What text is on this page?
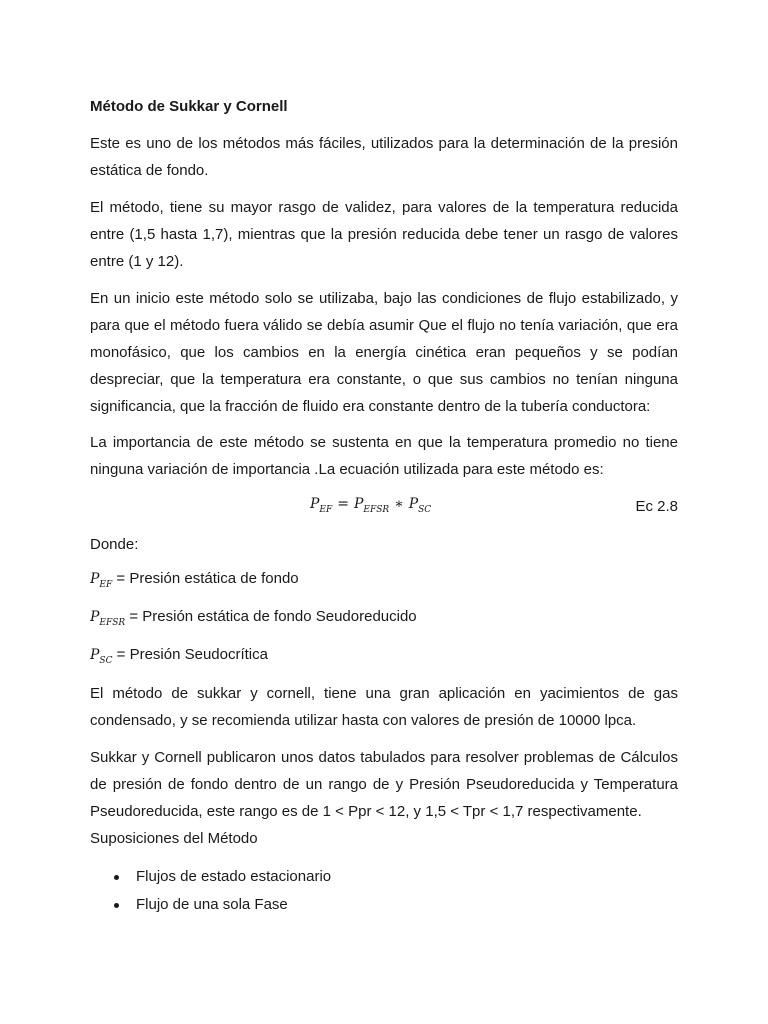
Método de Sukkar y Cornell

Este es uno de los métodos más fáciles, utilizados para la determinación de la presión estática de fondo.

El método, tiene su mayor rasgo de validez, para valores de la temperatura reducida entre (1,5 hasta 1,7), mientras que la presión reducida debe tener un rasgo de valores entre (1 y 12).

En un inicio este método solo se utilizaba, bajo las condiciones de flujo estabilizado, y para que el método fuera válido se debía asumir Que el flujo no tenía variación, que era monofásico, que los cambios en la energía cinética eran pequeños y se podían despreciar, que la temperatura era constante, o que sus cambios no tenían ninguna significancia, que la fracción de fluido era constante dentro de la tubería conductora:

La importancia de este método se sustenta en que la temperatura promedio no tiene ninguna variación de importancia .La ecuación utilizada para este método es:

$P_{EF} = P_{EFSR}$ ∗ $P_{SC}$	Ec 2.8

Donde:

$P_{EF}$ = Presión estática de fondo
$P_{EFSR}$ = Presión estática de fondo Seudoreducido
$P_{SC}$ = Presión Seudocrítica

El método de sukkar y cornell, tiene una gran aplicación en yacimientos de gas condensado, y se recomienda utilizar hasta con valores de presión de 10000 lpca.

Sukkar y Cornell publicaron unos datos tabulados para resolver problemas de Cálculos de presión de fondo dentro de un rango de y Presión Pseudoreducida y Temperatura Pseudoreducida, este rango es de 1 < Ppr < 12, y 1,5 < Tpr < 1,7 respectivamente.

Suposiciones del Método

Flujos de estado estacionario
Flujo de una sola Fase
